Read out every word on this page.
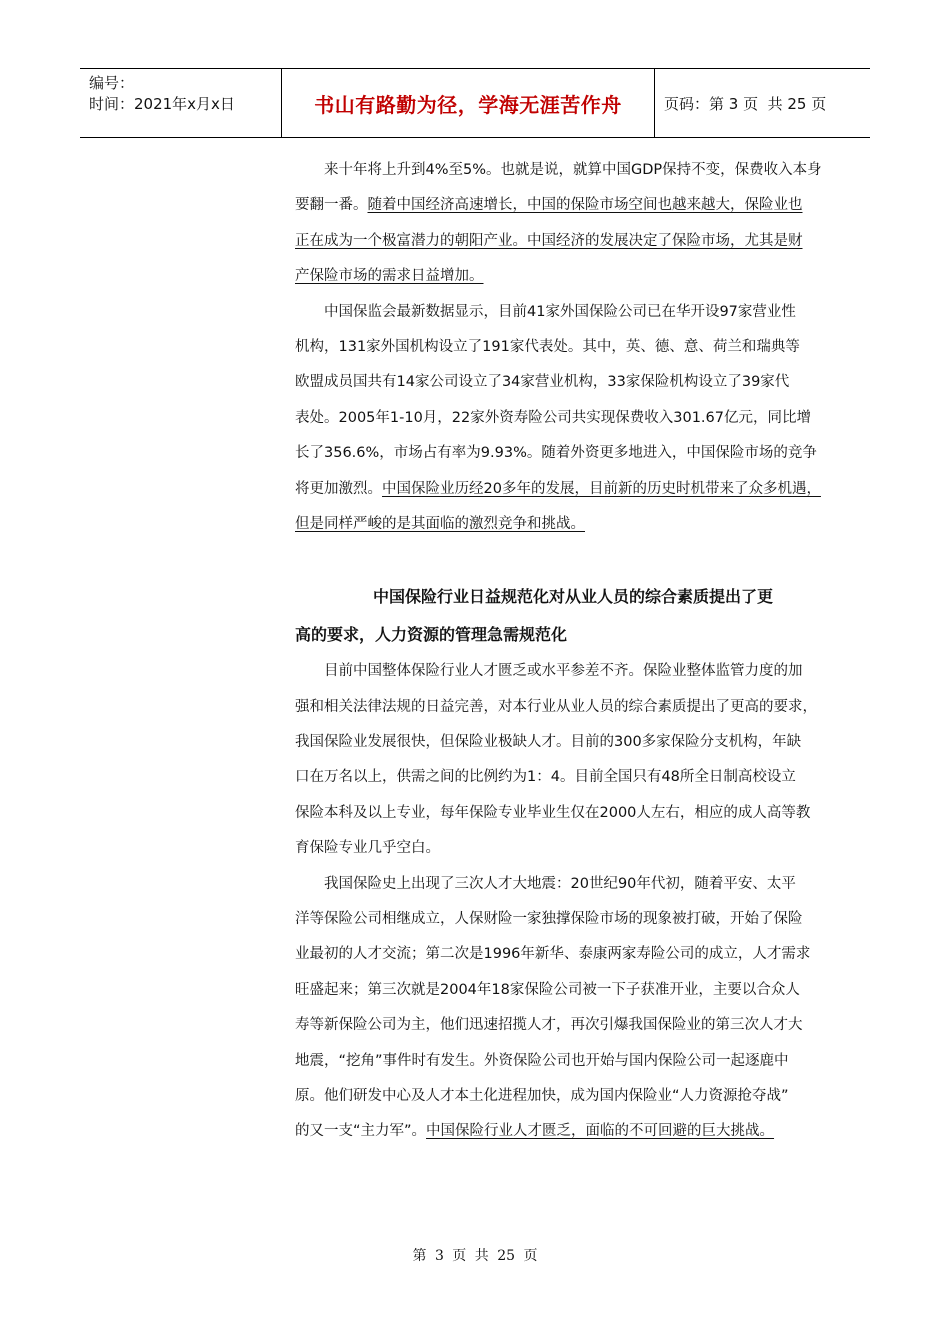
编号：
时间：2021年x月x日	书山有路勤为径，学海无涯苦作舟	页码：第 3 页  共 25 页
来十年将上升到4%至5%。也就是说，就算中国GDP保持不变，保费收入本身
要翻一番。随着中国经济高速增长，中国的保险市场空间也越来越大，保险业也
正在成为一个极富潜力的朝阳产业。中国经济的发展决定了保险市场，尤其是财
产保险市场的需求日益增加。
中国保监会最新数据显示，目前41家外国保险公司已在华开设97家营业性
机构，131家外国机构设立了191家代表处。其中，英、德、意、荷兰和瑞典等
欧盟成员国共有14家公司设立了34家营业机构，33家保险机构设立了39家代
表处。2005年1-10月，22家外资寿险公司共实现保费收入301.67亿元，同比增
长了356.6%，市场占有率为9.93%。随着外资更多地进入，中国保险市场的竞争
将更加激烈。中国保险业历经20多年的发展，目前新的历史时机带来了众多机遇，
但是同样严峻的是其面临的激烈竞争和挑战。
中国保险行业日益规范化对从业人员的综合素质提出了更
高的要求，人力资源的管理急需规范化
目前中国整体保险行业人才匮乏或水平参差不齐。保险业整体监管力度的加
强和相关法律法规的日益完善，对本行业从业人员的综合素质提出了更高的要求，
我国保险业发展很快，但保险业极缺人才。目前的300多家保险分支机构，年缺
口在万名以上，供需之间的比例约为1：4。目前全国只有48所全日制高校设立
保险本科及以上专业，每年保险专业毕业生仅在2000人左右，相应的成人高等教
育保险专业几乎空白。
我国保险史上出现了三次人才大地震：20世纪90年代初，随着平安、太平
洋等保险公司相继成立，人保财险一家独撑保险市场的现象被打破，开始了保险
业最初的人才交流；第二次是1996年新华、泰康两家寿险公司的成立，人才需求
旺盛起来；第三次就是2004年18家保险公司被一下子获准开业，主要以合众人
寿等新保险公司为主，他们迅速招揽人才，再次引爆我国保险业的第三次人才大
地震，“挖角”事件时有发生。外资保险公司也开始与国内保险公司一起逐鹿中
原。他们研发中心及人才本土化进程加快，成为国内保险业“人力资源抢夺战”
的又一支“主力军”。中国保险行业人才匮乏，面临的不可回避的巨大挑战。
第 3 页 共 25 页
